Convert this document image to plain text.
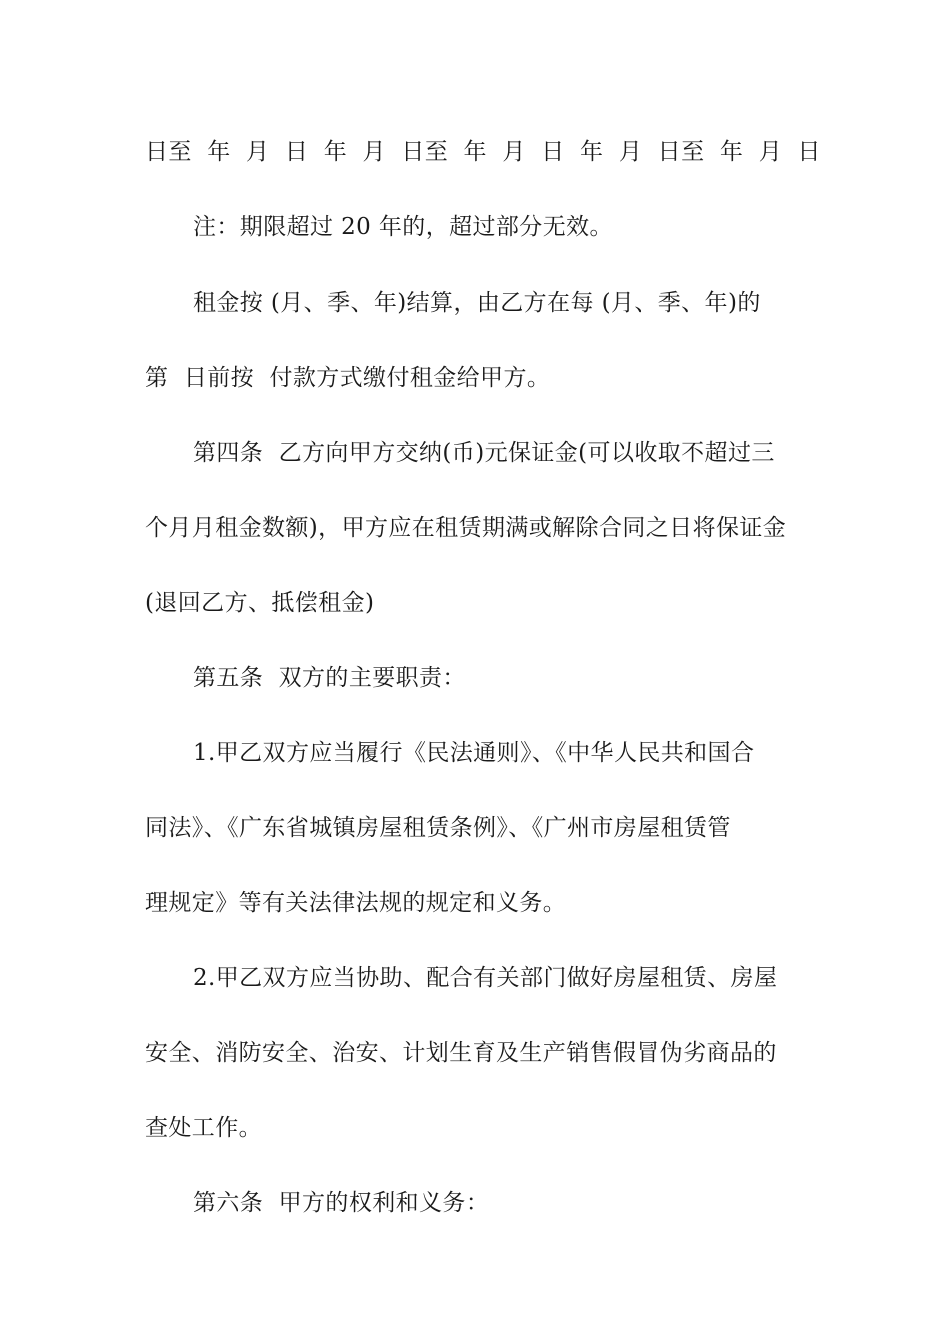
日至  年  月  日  年  月  日至  年  月  日  年  月  日至  年  月  日
注：期限超过 20 年的，超过部分无效。
租金按 (月、季、年)结算，由乙方在每 (月、季、年)的
第  日前按  付款方式缴付租金给甲方。
第四条  乙方向甲方交纳(币)元保证金(可以收取不超过三
个月月租金数额)，甲方应在租赁期满或解除合同之日将保证金
(退回乙方、抵偿租金)
第五条  双方的主要职责：
1.甲乙双方应当履行《民法通则》、《中华人民共和国合
同法》、《广东省城镇房屋租赁条例》、《广州市房屋租赁管
理规定》等有关法律法规的规定和义务。
2.甲乙双方应当协助、配合有关部门做好房屋租赁、房屋
安全、消防安全、治安、计划生育及生产销售假冒伪劣商品的
查处工作。
第六条  甲方的权利和义务：
